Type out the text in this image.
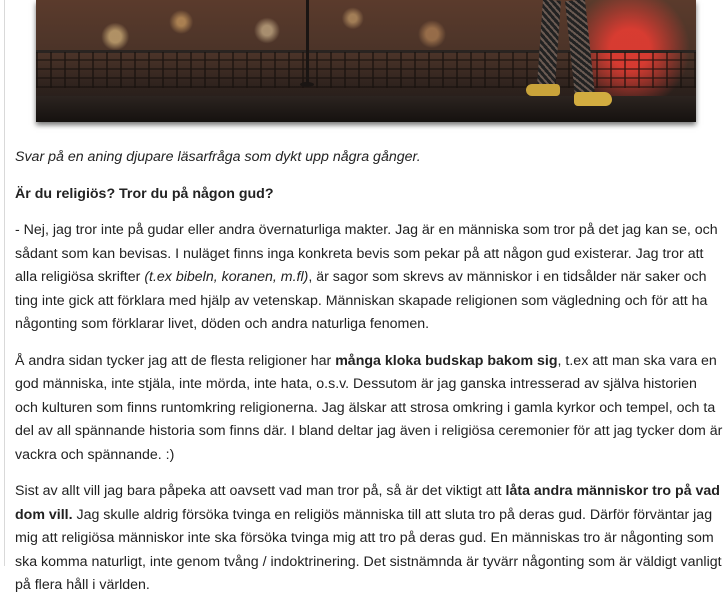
Svar på en aning djupare läsarfråga som dykt upp några gånger.

Är du religiös? Tror du på någon gud?

- Nej, jag tror inte på gudar eller andra övernaturliga makter. Jag är en människa som tror på det jag kan se, och sådant som kan bevisas. I nuläget finns inga konkreta bevis som pekar på att någon gud existerar. Jag tror att alla religiösa skrifter (t.ex bibeln, koranen, m.fl), är sagor som skrevs av människor i en tidsålder när saker och ting inte gick att förklara med hjälp av vetenskap. Människan skapade religionen som vägledning och för att ha någonting som förklarar livet, döden och andra naturliga fenomen.

Å andra sidan tycker jag att de flesta religioner har många kloka budskap bakom sig, t.ex att man ska vara en god människa, inte stjäla, inte mörda, inte hata, o.s.v. Dessutom är jag ganska intresserad av själva historien och kulturen som finns runtomkring religionerna. Jag älskar att strosa omkring i gamla kyrkor och tempel, och ta del av all spännande historia som finns där. I bland deltar jag även i religiösa ceremonier för att jag tycker dom är vackra och spännande. :)

Sist av allt vill jag bara påpeka att oavsett vad man tror på, så är det viktigt att låta andra människor tro på vad dom vill. Jag skulle aldrig försöka tvinga en religiös människa till att sluta tro på deras gud. Därför förväntar jag mig att religiösa människor inte ska försöka tvinga mig att tro på deras gud. En människas tro är någonting som ska komma naturligt, inte genom tvång / indoktrinering. Det sistnämnda är tyvärr någonting som är väldigt vanligt på flera håll i världen.
